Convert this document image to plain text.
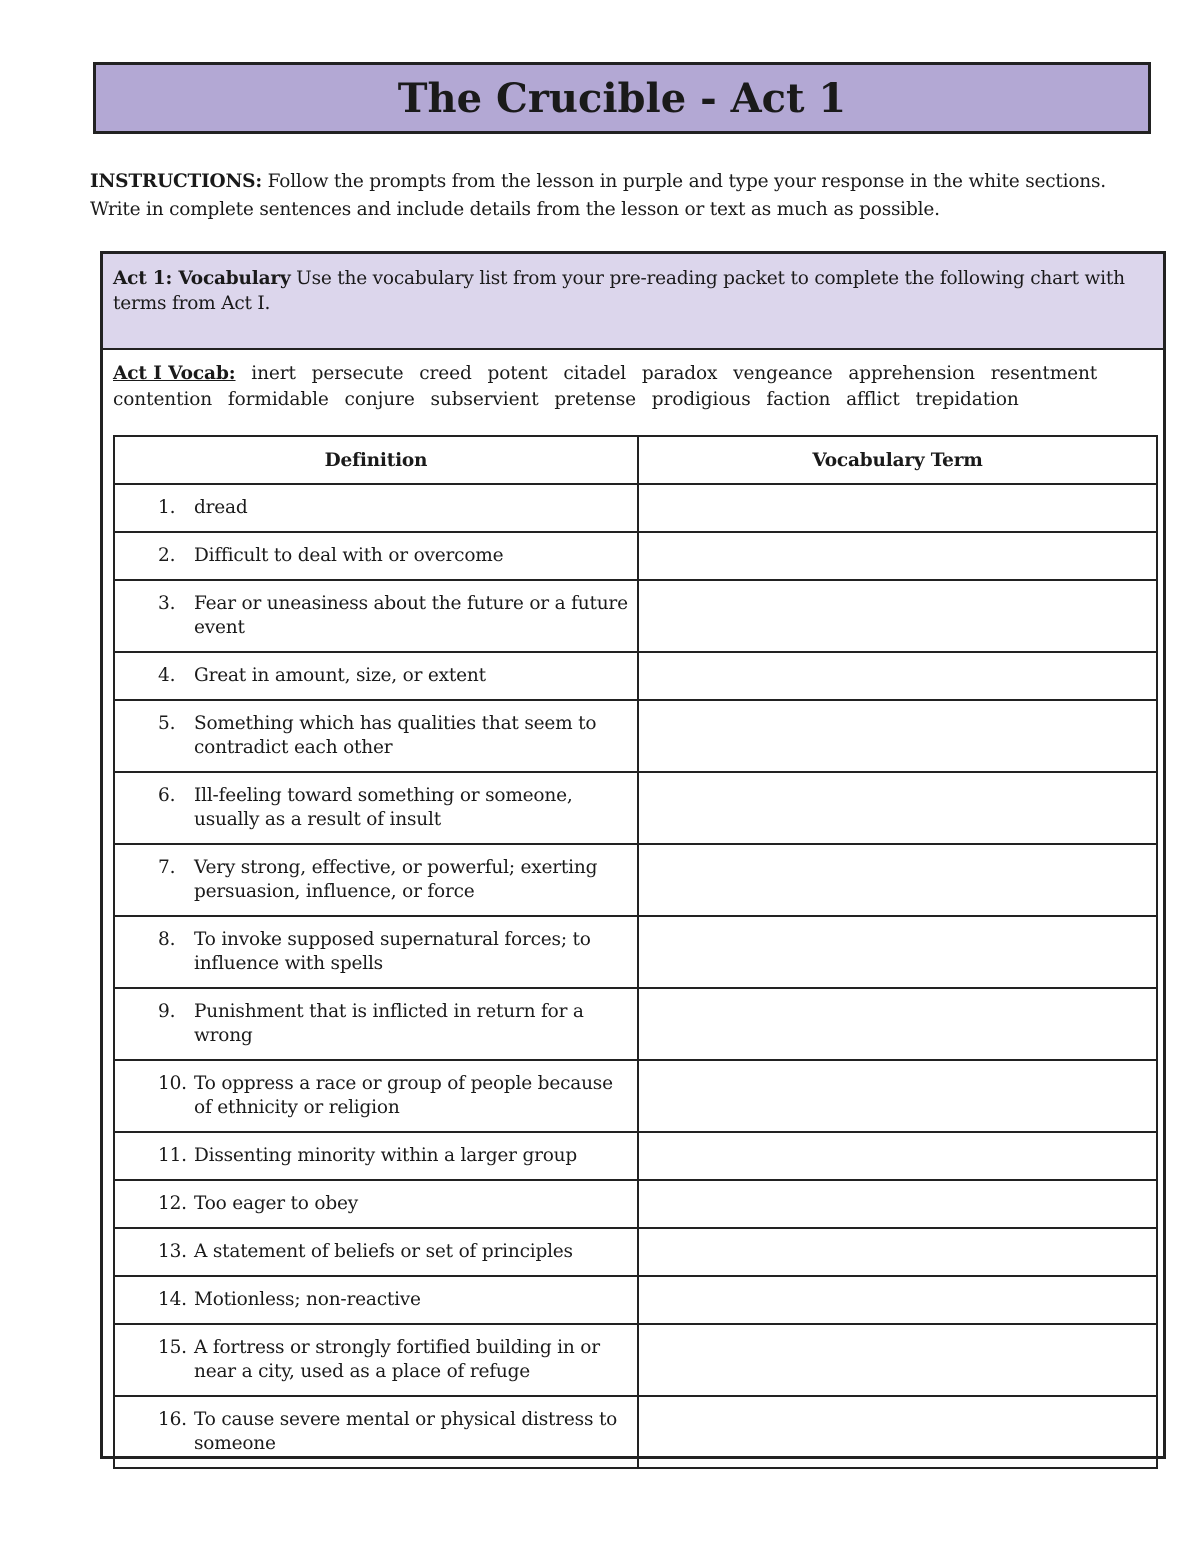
The Crucible - Act 1
INSTRUCTIONS: Follow the prompts from the lesson in purple and type your response in the white sections.
Write in complete sentences and include details from the lesson or text as much as possible.
Act 1: Vocabulary Use the vocabulary list from your pre-reading packet to complete the following chart with terms from Act I.
Act I Vocab: inert persecute creed potent citadel paradox vengeance apprehension resentment contention formidable conjure subservient pretense prodigious faction afflict trepidation
Definition	Vocabulary Term

1. dread	

2. Difficult to deal with or overcome	

3. Fear or uneasiness about the future or a future event	

4. Great in amount, size, or extent	

5. Something which has qualities that seem to contradict each other	

6. Ill-feeling toward something or someone, usually as a result of insult	

7. Very strong, effective, or powerful; exerting persuasion, influence, or force	

8. To invoke supposed supernatural forces; to influence with spells	

9. Punishment that is inflicted in return for a wrong	

10. To oppress a race or group of people because of ethnicity or religion	

11. Dissenting minority within a larger group	

12. Too eager to obey	

13. A statement of beliefs or set of principles	

14. Motionless; non-reactive	

15. A fortress or strongly fortified building in or near a city, used as a place of refuge	

16. To cause severe mental or physical distress to someone	
